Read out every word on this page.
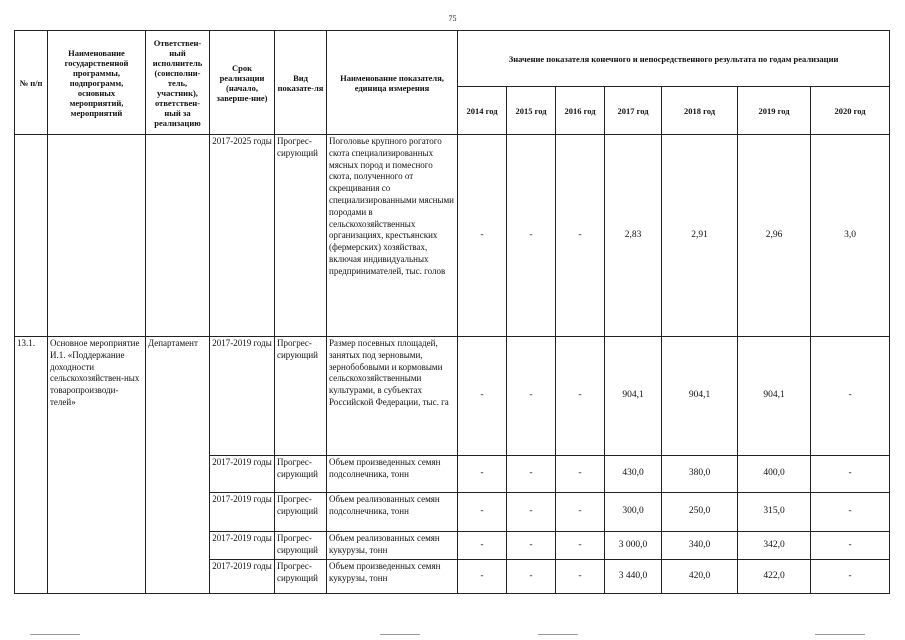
75
№ п/п	Наименование государственной программы, подпрограмм, основных мероприятий, мероприятий	Ответствен-ный исполнитель (соисполни-тель, участник), ответствен-ный за реализацию	Срок реализации (начало, заверше-ние)	Вид показате-ля	Наименование показателя, единица измерения	Значение показателя конечного и непосредственного результата по годам реализации						
						2014 год	2015 год	2016 год	2017 год	2018 год	2019 год	2020 год
			2017-2025 годы	Прогрес-сирующий	Поголовье крупного рогатого скота специализированных мясных пород и помесного скота, полученного от скрещивания со специализированными мясными породами в сельскохозяйственных организациях, крестьянских (фермерских) хозяйствах, включая индивидуальных предпринимателей, тыс. голов	-	-	-	2,83	2,91	2,96	3,0
13.1.	Основное мероприятие И.1. «Поддержание доходности сельскохозяйствен-ных товаропроизводи-телей»	Департамент	2017-2019 годы	Прогрес-сирующий	Размер посевных площадей, занятых под зерновыми, зернобобовыми и кормовыми сельскохозяйственными культурами, в субъектах Российской Федерации, тыс. га	-	-	-	904,1	904,1	904,1	-
			2017-2019 годы	Прогрес-сирующий	Объем произведенных семян подсолнечника, тонн	-	-	-	430,0	380,0	400,0	-
			2017-2019 годы	Прогрес-сирующий	Объем реализованных семян подсолнечника, тонн	-	-	-	300,0	250,0	315,0	-
			2017-2019 годы	Прогрес-сирующий	Объем реализованных семян кукурузы, тонн	-	-	-	3 000,0	340,0	342,0	-
			2017-2019 годы	Прогрес-сирующий	Объем произведенных семян кукурузы, тонн	-	-	-	3 440,0	420,0	422,0	-
